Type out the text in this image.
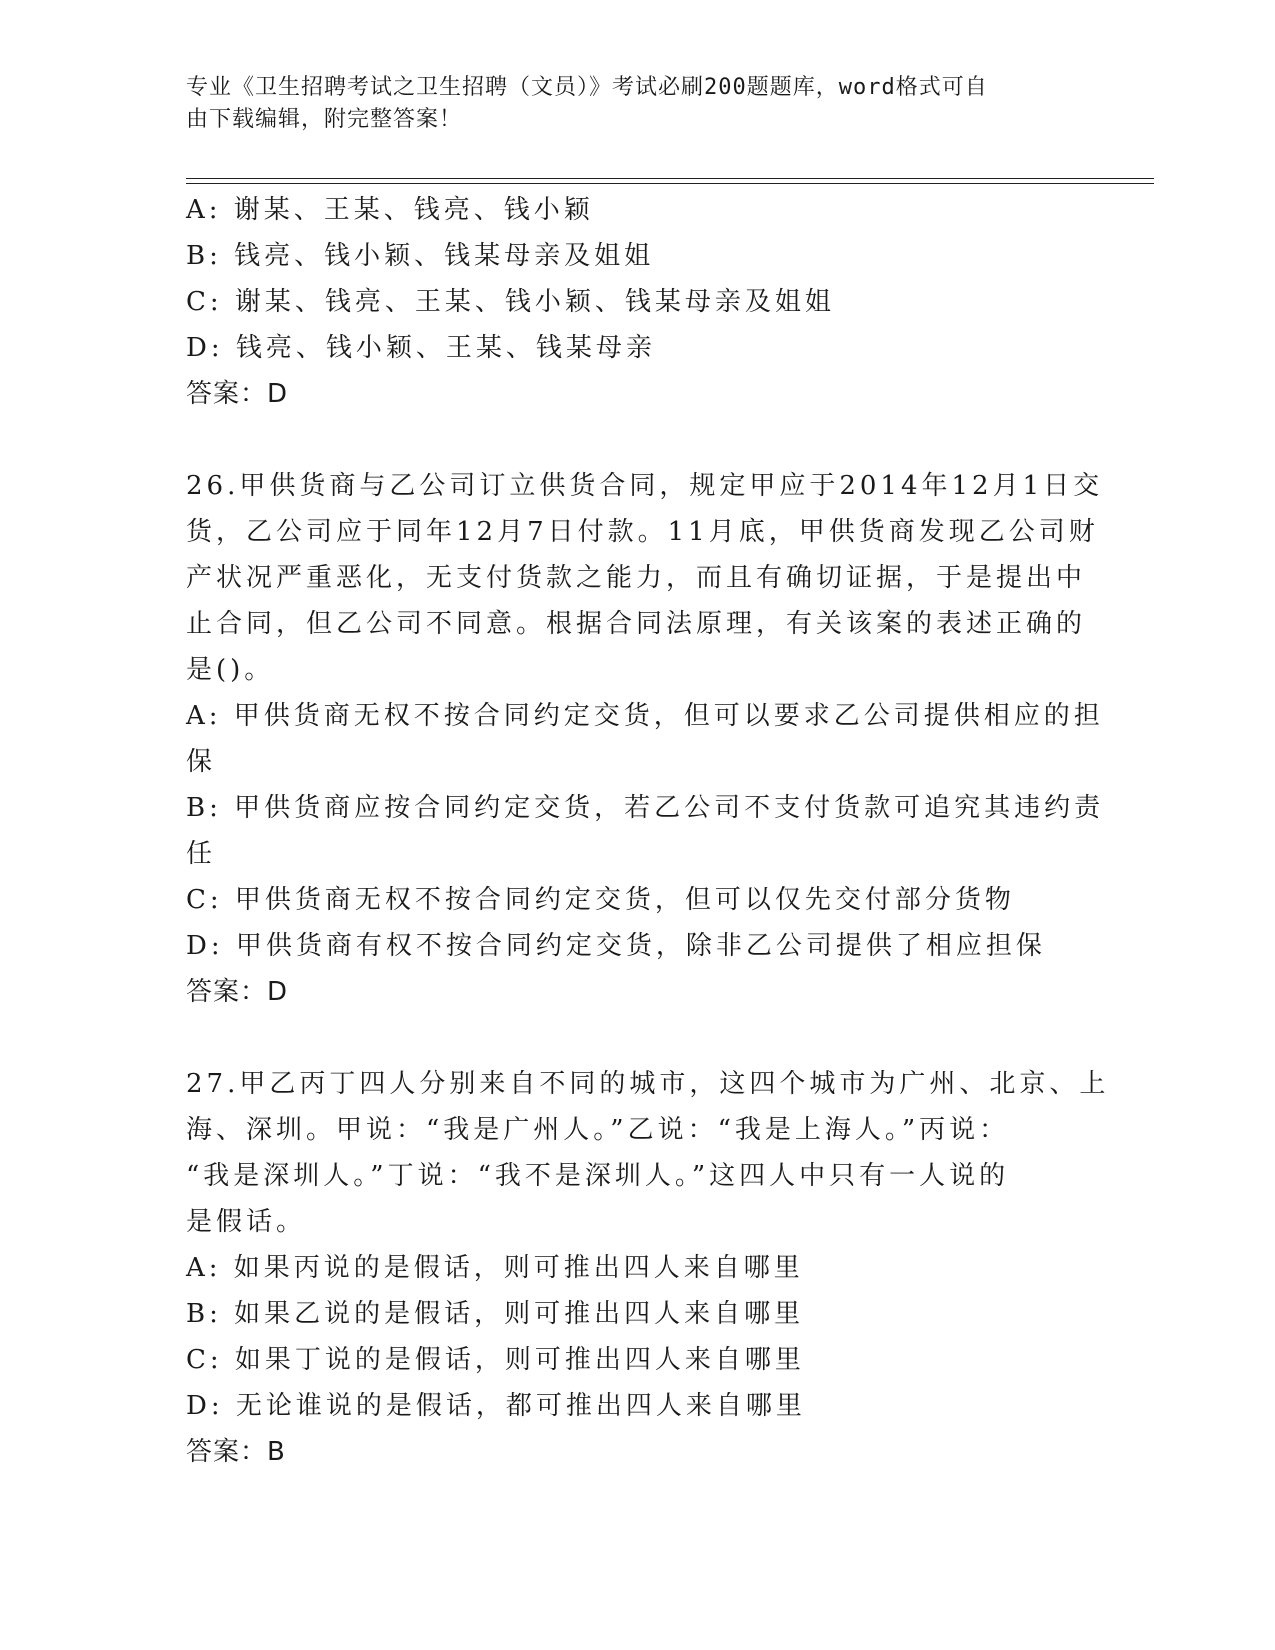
专业《卫生招聘考试之卫生招聘（文员）》考试必刷200题题库，word格式可自
由下载编辑，附完整答案！
A: 谢某、王某、钱亮、钱小颖
B: 钱亮、钱小颖、钱某母亲及姐姐
C: 谢某、钱亮、王某、钱小颖、钱某母亲及姐姐
D: 钱亮、钱小颖、王某、钱某母亲
答案：D
26.甲供货商与乙公司订立供货合同，规定甲应于2014年12月1日交
货，乙公司应于同年12月7日付款。11月底，甲供货商发现乙公司财
产状况严重恶化，无支付货款之能力，而且有确切证据，于是提出中
止合同，但乙公司不同意。根据合同法原理，有关该案的表述正确的
是()。
A: 甲供货商无权不按合同约定交货，但可以要求乙公司提供相应的担
保
B: 甲供货商应按合同约定交货，若乙公司不支付货款可追究其违约责
任
C: 甲供货商无权不按合同约定交货，但可以仅先交付部分货物
D: 甲供货商有权不按合同约定交货，除非乙公司提供了相应担保
答案：D
27.甲乙丙丁四人分别来自不同的城市，这四个城市为广州、北京、上
海、深圳。甲说：“我是广州人。”乙说：“我是上海人。”丙说：
“我是深圳人。”丁说：“我不是深圳人。”这四人中只有一人说的
是假话。
A: 如果丙说的是假话，则可推出四人来自哪里
B: 如果乙说的是假话，则可推出四人来自哪里
C: 如果丁说的是假话，则可推出四人来自哪里
D: 无论谁说的是假话，都可推出四人来自哪里
答案：B
